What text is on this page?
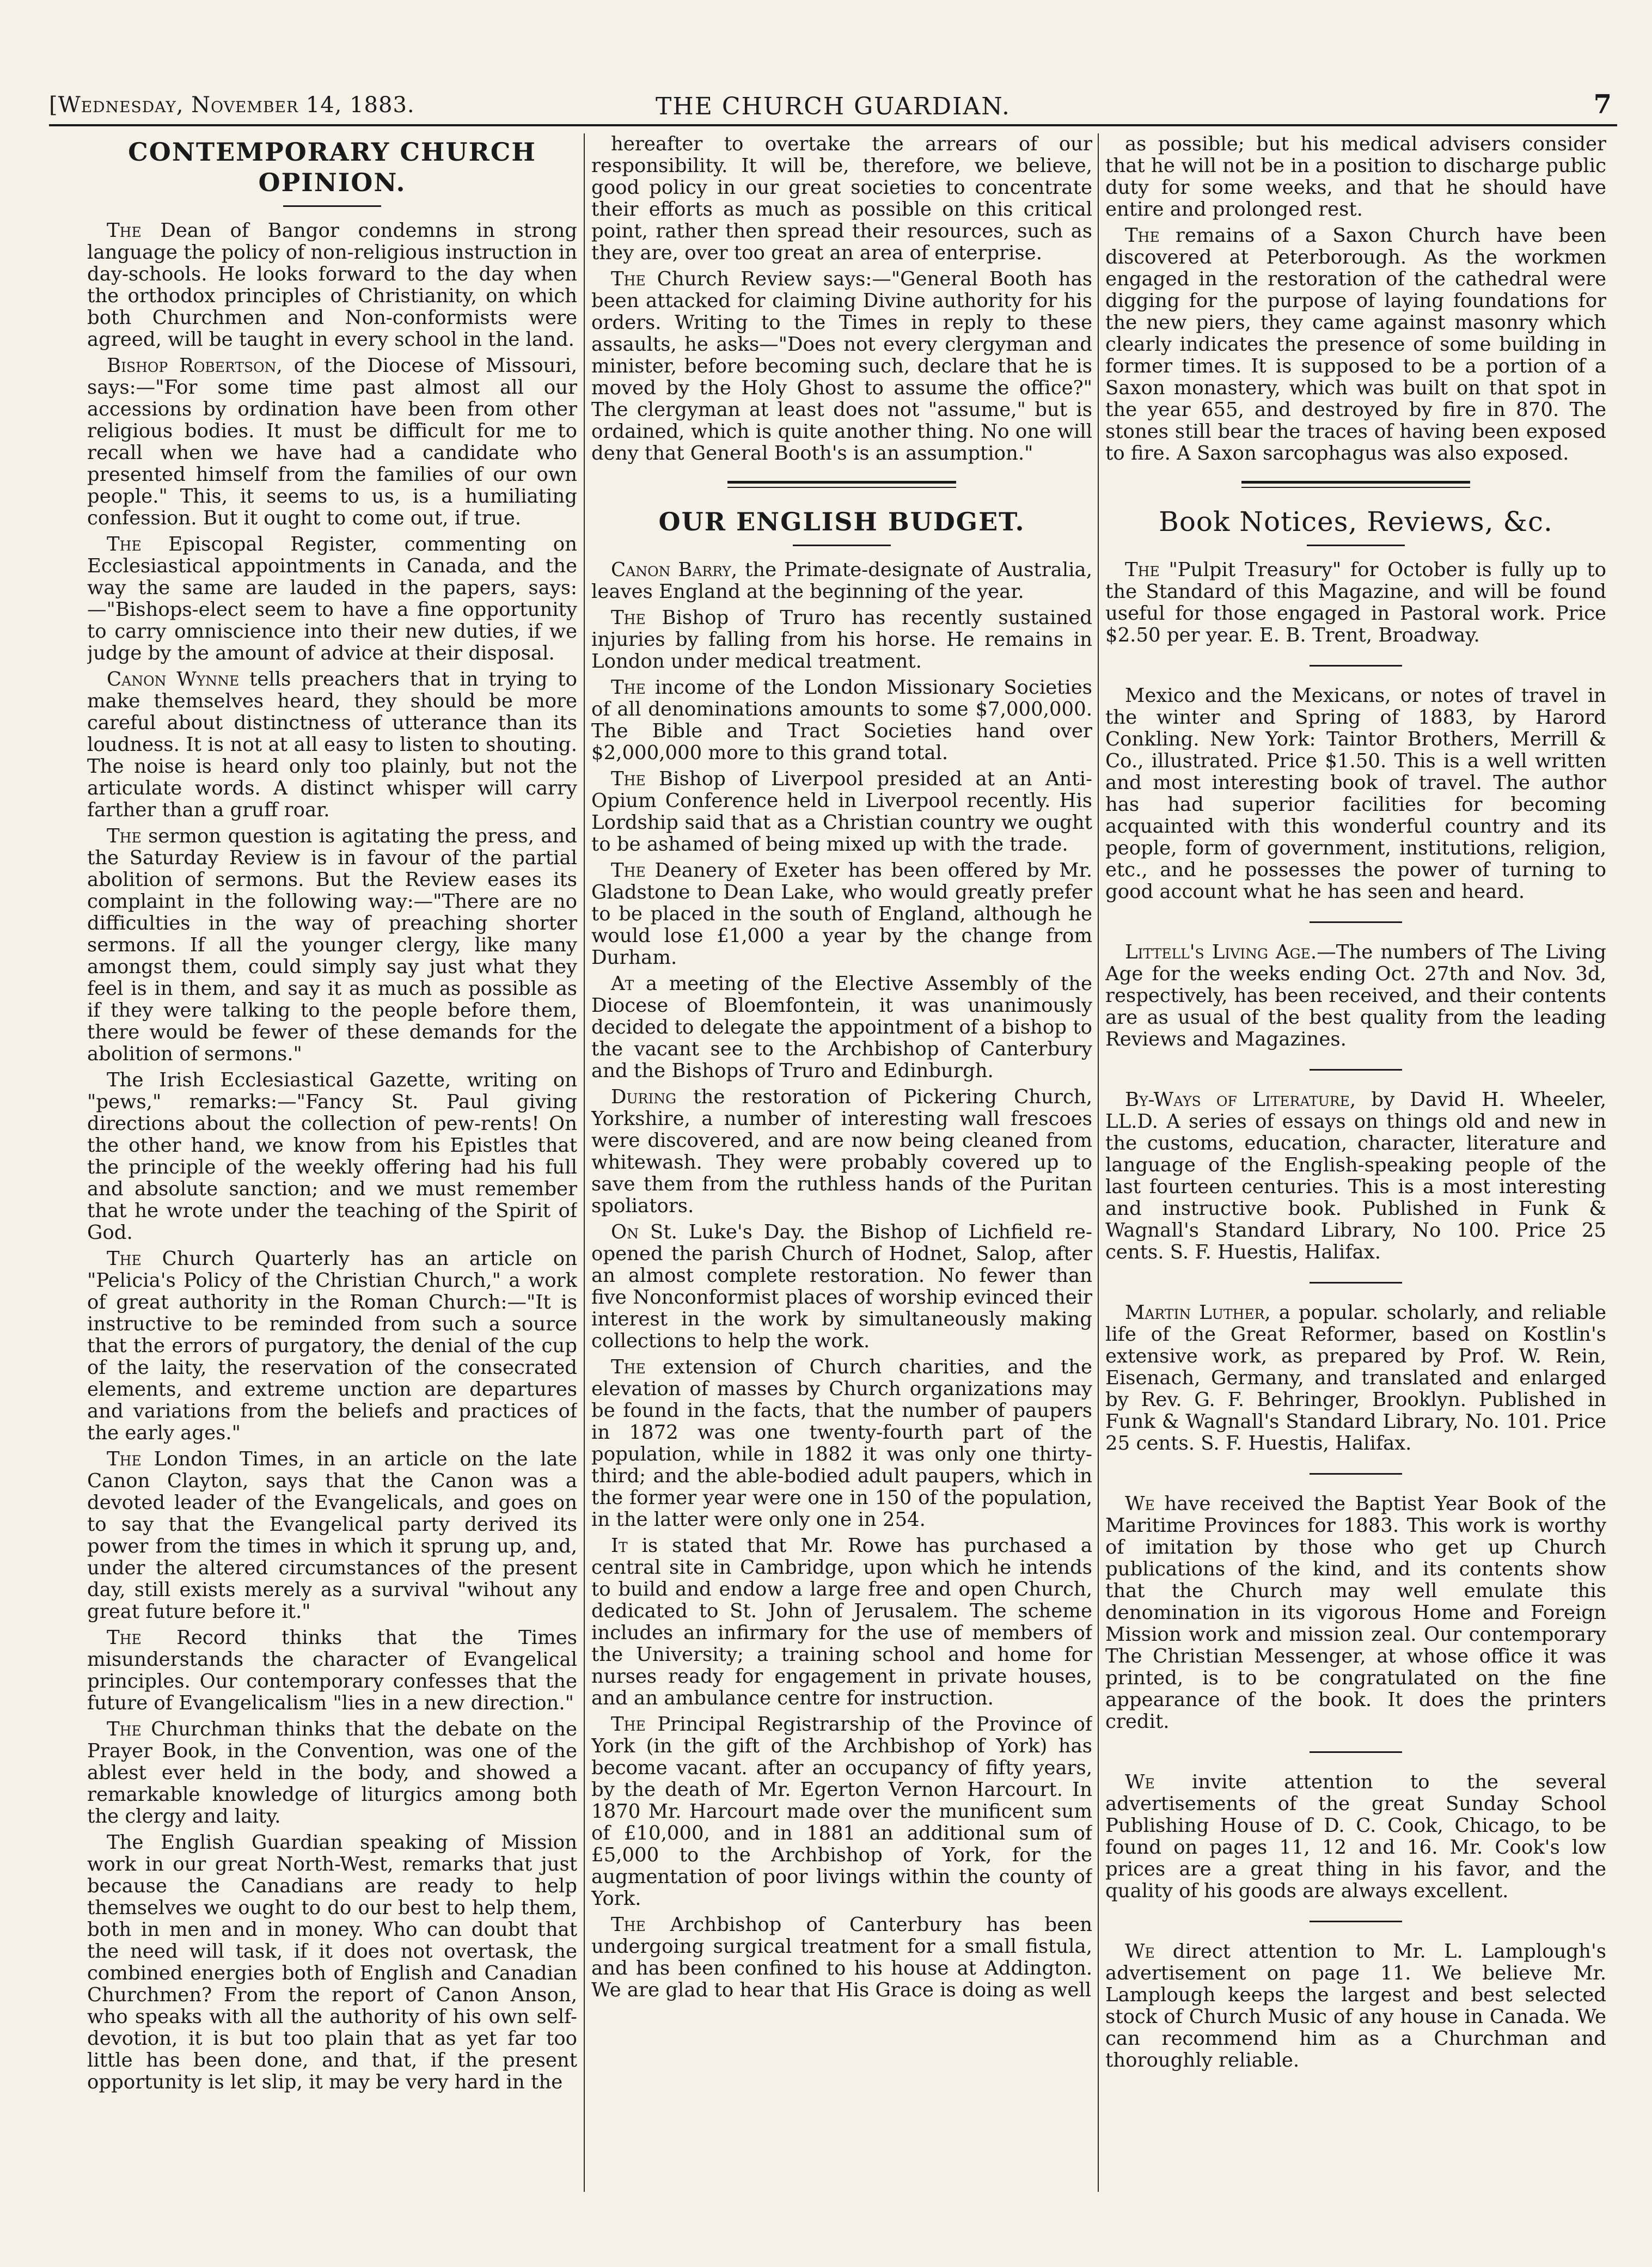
[Wednesday, November 14, 1883.	THE CHURCH GUARDIAN.	7
CONTEMPORARY CHURCH OPINION.

The Dean of Bangor condemns in strong language the policy of non-religious instruction in day-schools. He looks forward to the day when the orthodox principles of Christianity, on which both Churchmen and Non-conformists were agreed, will be taught in every school in the land.

Bishop Robertson, of the Diocese of Missouri, says:—"For some time past almost all our accessions by ordination have been from other religious bodies. It must be difficult for me to recall when we have had a candidate who presented himself from the families of our own people." This, it seems to us, is a humiliating confession. But it ought to come out, if true.

The Episcopal Register, commenting on Ecclesiastical appointments in Canada, and the way the same are lauded in the papers, says:—"Bishops-elect seem to have a fine opportunity to carry omniscience into their new duties, if we judge by the amount of advice at their disposal.

Canon Wynne tells preachers that in trying to make themselves heard, they should be more careful about distinctness of utterance than its loudness. It is not at all easy to listen to shouting. The noise is heard only too plainly, but not the articulate words. A distinct whisper will carry farther than a gruff roar.

The sermon question is agitating the press, and the Saturday Review is in favour of the partial abolition of sermons. But the Review eases its complaint in the following way:—"There are no difficulties in the way of preaching shorter sermons. If all the younger clergy, like many amongst them, could simply say just what they feel is in them, and say it as much as possible as if they were talking to the people before them, there would be fewer of these demands for the abolition of sermons."

The Irish Ecclesiastical Gazette, writing on "pews," remarks:—"Fancy St. Paul giving directions about the collection of pew-rents! On the other hand, we know from his Epistles that the principle of the weekly offering had his full and absolute sanction; and we must remember that he wrote under the teaching of the Spirit of God.

The Church Quarterly has an article on "Pelicia's Policy of the Christian Church," a work of great authority in the Roman Church:—"It is instructive to be reminded from such a source that the errors of purgatory, the denial of the cup of the laity, the reservation of the consecrated elements, and extreme unction are departures and variations from the beliefs and practices of the early ages."

The London Times, in an article on the late Canon Clayton, says that the Canon was a devoted leader of the Evangelicals, and goes on to say that the Evangelical party derived its power from the times in which it sprung up, and, under the altered circumstances of the present day, still exists merely as a survival "wihout any great future before it."

The Record thinks that the Times misunderstands the character of Evangelical principles. Our contemporary confesses that the future of Evangelicalism "lies in a new direction."

The Churchman thinks that the debate on the Prayer Book, in the Convention, was one of the ablest ever held in the body, and showed a remarkable knowledge of liturgics among both the clergy and laity.

The English Guardian speaking of Mission work in our great North-West, remarks that just because the Canadians are ready to help themselves we ought to do our best to help them, both in men and in money. Who can doubt that the need will task, if it does not overtask, the combined energies both of English and Canadian Churchmen? From the report of Canon Anson, who speaks with all the authority of his own self-devotion, it is but too plain that as yet far too little has been done, and that, if the present opportunity is let slip, it may be very hard in the

hereafter to overtake the arrears of our responsibility. It will be, therefore, we believe, good policy in our great societies to concentrate their efforts as much as possible on this critical point, rather then spread their resources, such as they are, over too great an area of enterprise.

The Church Review says:—"General Booth has been attacked for claiming Divine authority for his orders. Writing to the Times in reply to these assaults, he asks—"Does not every clergyman and minister, before becoming such, declare that he is moved by the Holy Ghost to assume the office?" The clergyman at least does not "assume," but is ordained, which is quite another thing. No one will deny that General Booth's is an assumption."

OUR ENGLISH BUDGET.

Canon Barry, the Primate-designate of Australia, leaves England at the beginning of the year.

The Bishop of Truro has recently sustained injuries by falling from his horse. He remains in London under medical treatment.

The income of the London Missionary Societies of all denominations amounts to some $7,000,000. The Bible and Tract Societies hand over $2,000,000 more to this grand total.

The Bishop of Liverpool presided at an Anti-Opium Conference held in Liverpool recently. His Lordship said that as a Christian country we ought to be ashamed of being mixed up with the trade.

The Deanery of Exeter has been offered by Mr. Gladstone to Dean Lake, who would greatly prefer to be placed in the south of England, although he would lose £1,000 a year by the change from Durham.

At a meeting of the Elective Assembly of the Diocese of Bloemfontein, it was unanimously decided to delegate the appointment of a bishop to the vacant see to the Archbishop of Canterbury and the Bishops of Truro and Edinburgh.

During the restoration of Pickering Church, Yorkshire, a number of interesting wall frescoes were discovered, and are now being cleaned from whitewash. They were probably covered up to save them from the ruthless hands of the Puritan spoliators.

On St. Luke's Day. the Bishop of Lichfield re-opened the parish Church of Hodnet, Salop, after an almost complete restoration. No fewer than five Nonconformist places of worship evinced their interest in the work by simultaneously making collections to help the work.

The extension of Church charities, and the elevation of masses by Church organizations may be found in the facts, that the number of paupers in 1872 was one twenty-fourth part of the population, while in 1882 it was only one thirty-third; and the able-bodied adult paupers, which in the former year were one in 150 of the population, in the latter were only one in 254.

It is stated that Mr. Rowe has purchased a central site in Cambridge, upon which he intends to build and endow a large free and open Church, dedicated to St. John of Jerusalem. The scheme includes an infirmary for the use of members of the University; a training school and home for nurses ready for engagement in private houses, and an ambulance centre for instruction.

The Principal Registrarship of the Province of York (in the gift of the Archbishop of York) has become vacant. after an occupancy of fifty years, by the death of Mr. Egerton Vernon Harcourt. In 1870 Mr. Harcourt made over the munificent sum of £10,000, and in 1881 an additional sum of £5,000 to the Archbishop of York, for the augmentation of poor livings within the county of York.

The Archbishop of Canterbury has been undergoing surgical treatment for a small fistula, and has been confined to his house at Addington. We are glad to hear that His Grace is doing as well

as possible; but his medical advisers consider that he will not be in a position to discharge public duty for some weeks, and that he should have entire and prolonged rest.

The remains of a Saxon Church have been discovered at Peterborough. As the workmen engaged in the restoration of the cathedral were digging for the purpose of laying foundations for the new piers, they came against masonry which clearly indicates the presence of some building in former times. It is supposed to be a portion of a Saxon monastery, which was built on that spot in the year 655, and destroyed by fire in 870. The stones still bear the traces of having been exposed to fire. A Saxon sarcophagus was also exposed.

Book Notices, Reviews, &c.

The "Pulpit Treasury" for October is fully up to the Standard of this Magazine, and will be found useful for those engaged in Pastoral work. Price $2.50 per year. E. B. Trent, Broadway.

Mexico and the Mexicans, or notes of travel in the winter and Spring of 1883, by Harord Conkling. New York: Taintor Brothers, Merrill & Co., illustrated. Price $1.50. This is a well written and most interesting book of travel. The author has had superior facilities for becoming acquainted with this wonderful country and its people, form of government, institutions, religion, etc., and he possesses the power of turning to good account what he has seen and heard.

Littell's Living Age.—The numbers of The Living Age for the weeks ending Oct. 27th and Nov. 3d, respectively, has been received, and their contents are as usual of the best quality from the leading Reviews and Magazines.

By-Ways of Literature, by David H. Wheeler, LL.D. A series of essays on things old and new in the customs, education, character, literature and language of the English-speaking people of the last fourteen centuries. This is a most interesting and instructive book. Published in Funk & Wagnall's Standard Library, No 100. Price 25 cents. S. F. Huestis, Halifax.

Martin Luther, a popular. scholarly, and reliable life of the Great Reformer, based on Kostlin's extensive work, as prepared by Prof. W. Rein, Eisenach, Germany, and translated and enlarged by Rev. G. F. Behringer, Brooklyn. Published in Funk & Wagnall's Standard Library, No. 101. Price 25 cents. S. F. Huestis, Halifax.

We have received the Baptist Year Book of the Maritime Provinces for 1883. This work is worthy of imitation by those who get up Church publications of the kind, and its contents show that the Church may well emulate this denomination in its vigorous Home and Foreign Mission work and mission zeal. Our contemporary The Christian Messenger, at whose office it was printed, is to be congratulated on the fine appearance of the book. It does the printers credit.

We invite attention to the several advertisements of the great Sunday School Publishing House of D. C. Cook, Chicago, to be found on pages 11, 12 and 16. Mr. Cook's low prices are a great thing in his favor, and the quality of his goods are always excellent.

We direct attention to Mr. L. Lamplough's advertisement on page 11. We believe Mr. Lamplough keeps the largest and best selected stock of Church Music of any house in Canada. We can recommend him as a Churchman and thoroughly reliable.
